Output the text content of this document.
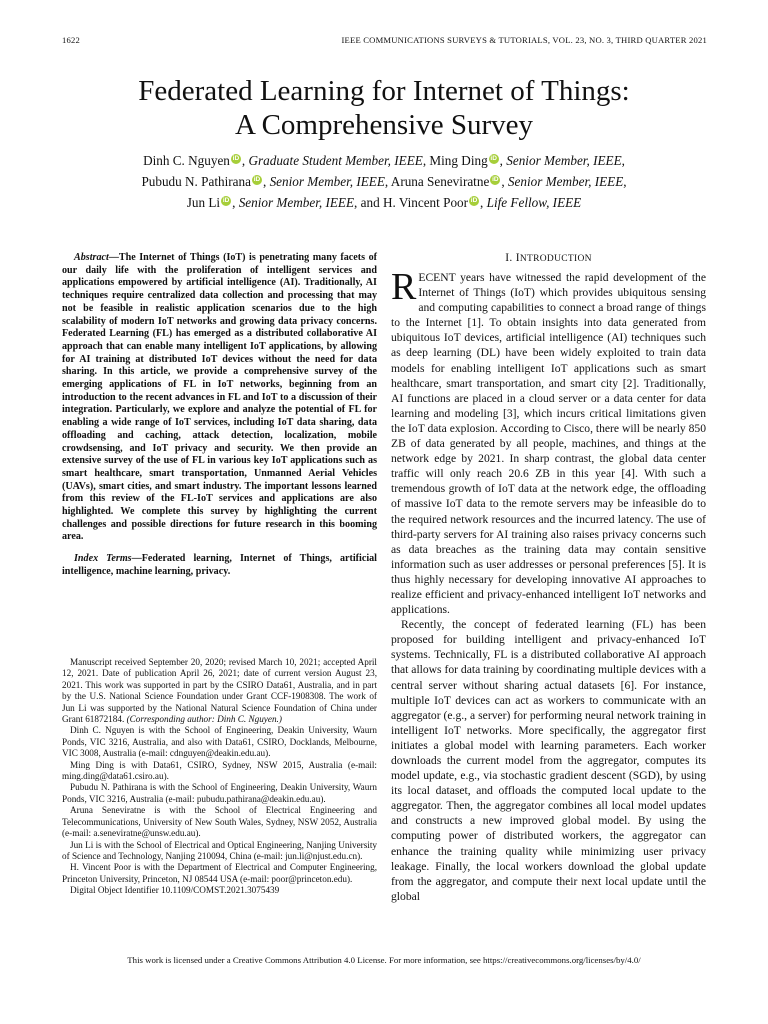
1622	IEEE COMMUNICATIONS SURVEYS & TUTORIALS, VOL. 23, NO. 3, THIRD QUARTER 2021
Federated Learning for Internet of Things:
A Comprehensive Survey
Dinh C. Nguyen iD , Graduate Student Member, IEEE, Ming Ding iD , Senior Member, IEEE,
Pubudu N. Pathirana iD , Senior Member, IEEE, Aruna Seneviratne iD , Senior Member, IEEE,
Jun Li iD , Senior Member, IEEE, and H. Vincent Poor iD , Life Fellow, IEEE

Abstract—The Internet of Things (IoT) is penetrating many facets of our daily life with the proliferation of intelligent services and applications empowered by artificial intelligence (AI). Traditionally, AI techniques require centralized data collection and processing that may not be feasible in realistic application scenarios due to the high scalability of modern IoT networks and growing data privacy concerns. Federated Learning (FL) has emerged as a distributed collaborative AI approach that can enable many intelligent IoT applications, by allowing for AI training at distributed IoT devices without the need for data sharing. In this article, we provide a comprehensive survey of the emerging applications of FL in IoT networks, beginning from an introduction to the recent advances in FL and IoT to a discussion of their integration. Particularly, we explore and analyze the potential of FL for enabling a wide range of IoT services, including IoT data sharing, data offloading and caching, attack detection, localization, mobile crowdsensing, and IoT privacy and security. We then provide an extensive survey of the use of FL in various key IoT applications such as smart healthcare, smart transportation, Unmanned Aerial Vehicles (UAVs), smart cities, and smart industry. The important lessons learned from this review of the FL-IoT services and applications are also highlighted. We complete this survey by highlighting the current challenges and possible directions for future research in this booming area.

Index Terms—Federated learning, Internet of Things, artificial intelligence, machine learning, privacy.

Manuscript received September 20, 2020; revised March 10, 2021; accepted April 12, 2021. Date of publication April 26, 2021; date of current version August 23, 2021. This work was supported in part by the CSIRO Data61, Australia, and in part by the U.S. National Science Foundation under Grant CCF-1908308. The work of Jun Li was supported by the National Natural Science Foundation of China under Grant 61872184. (Corresponding author: Dinh C. Nguyen.)

Dinh C. Nguyen is with the School of Engineering, Deakin University, Waurn Ponds, VIC 3216, Australia, and also with Data61, CSIRO, Docklands, Melbourne, VIC 3008, Australia (e-mail: cdnguyen@deakin.edu.au).

Ming Ding is with Data61, CSIRO, Sydney, NSW 2015, Australia (e-mail: ming.ding@data61.csiro.au).

Pubudu N. Pathirana is with the School of Engineering, Deakin University, Waurn Ponds, VIC 3216, Australia (e-mail: pubudu.pathirana@deakin.edu.au).

Aruna Seneviratne is with the School of Electrical Engineering and Telecommunications, University of New South Wales, Sydney, NSW 2052, Australia (e-mail: a.seneviratne@unsw.edu.au).

Jun Li is with the School of Electrical and Optical Engineering, Nanjing University of Science and Technology, Nanjing 210094, China (e-mail: jun.li@njust.edu.cn).

H. Vincent Poor is with the Department of Electrical and Computer Engineering, Princeton University, Princeton, NJ 08544 USA (e-mail: poor@princeton.edu).

Digital Object Identifier 10.1109/COMST.2021.3075439

I. INTRODUCTION

RECENT years have witnessed the rapid development of the Internet of Things (IoT) which provides ubiquitous sensing and computing capabilities to connect a broad range of things to the Internet [1]. To obtain insights into data generated from ubiquitous IoT devices, artificial intelligence (AI) techniques such as deep learning (DL) have been widely exploited to train data models for enabling intelligent IoT applications such as smart healthcare, smart transportation, and smart city [2]. Traditionally, AI functions are placed in a cloud server or a data center for data learning and modeling [3], which incurs critical limitations given the IoT data explosion. According to Cisco, there will be nearly 850 ZB of data generated by all people, machines, and things at the network edge by 2021. In sharp contrast, the global data center traffic will only reach 20.6 ZB in this year [4]. With such a tremendous growth of IoT data at the network edge, the offloading of massive IoT data to the remote servers may be infeasible do to the required network resources and the incurred latency. The use of third-party servers for AI training also raises privacy concerns such as data breaches as the training data may contain sensitive information such as user addresses or personal preferences [5]. It is thus highly necessary for developing innovative AI approaches to realize efficient and privacy-enhanced intelligent IoT networks and applications.

Recently, the concept of federated learning (FL) has been proposed for building intelligent and privacy-enhanced IoT systems. Technically, FL is a distributed collaborative AI approach that allows for data training by coordinating multiple devices with a central server without sharing actual datasets [6]. For instance, multiple IoT devices can act as workers to communicate with an aggregator (e.g., a server) for performing neural network training in intelligent IoT networks. More specifically, the aggregator first initiates a global model with learning parameters. Each worker downloads the current model from the aggregator, computes its model update, e.g., via stochastic gradient descent (SGD), by using its local dataset, and offloads the computed local update to the aggregator. Then, the aggregator combines all local model updates and constructs a new improved global model. By using the computing power of distributed workers, the aggregator can enhance the training quality while minimizing user privacy leakage. Finally, the local workers download the global update from the aggregator, and compute their next local update until the global

This work is licensed under a Creative Commons Attribution 4.0 License. For more information, see https://creativecommons.org/licenses/by/4.0/
